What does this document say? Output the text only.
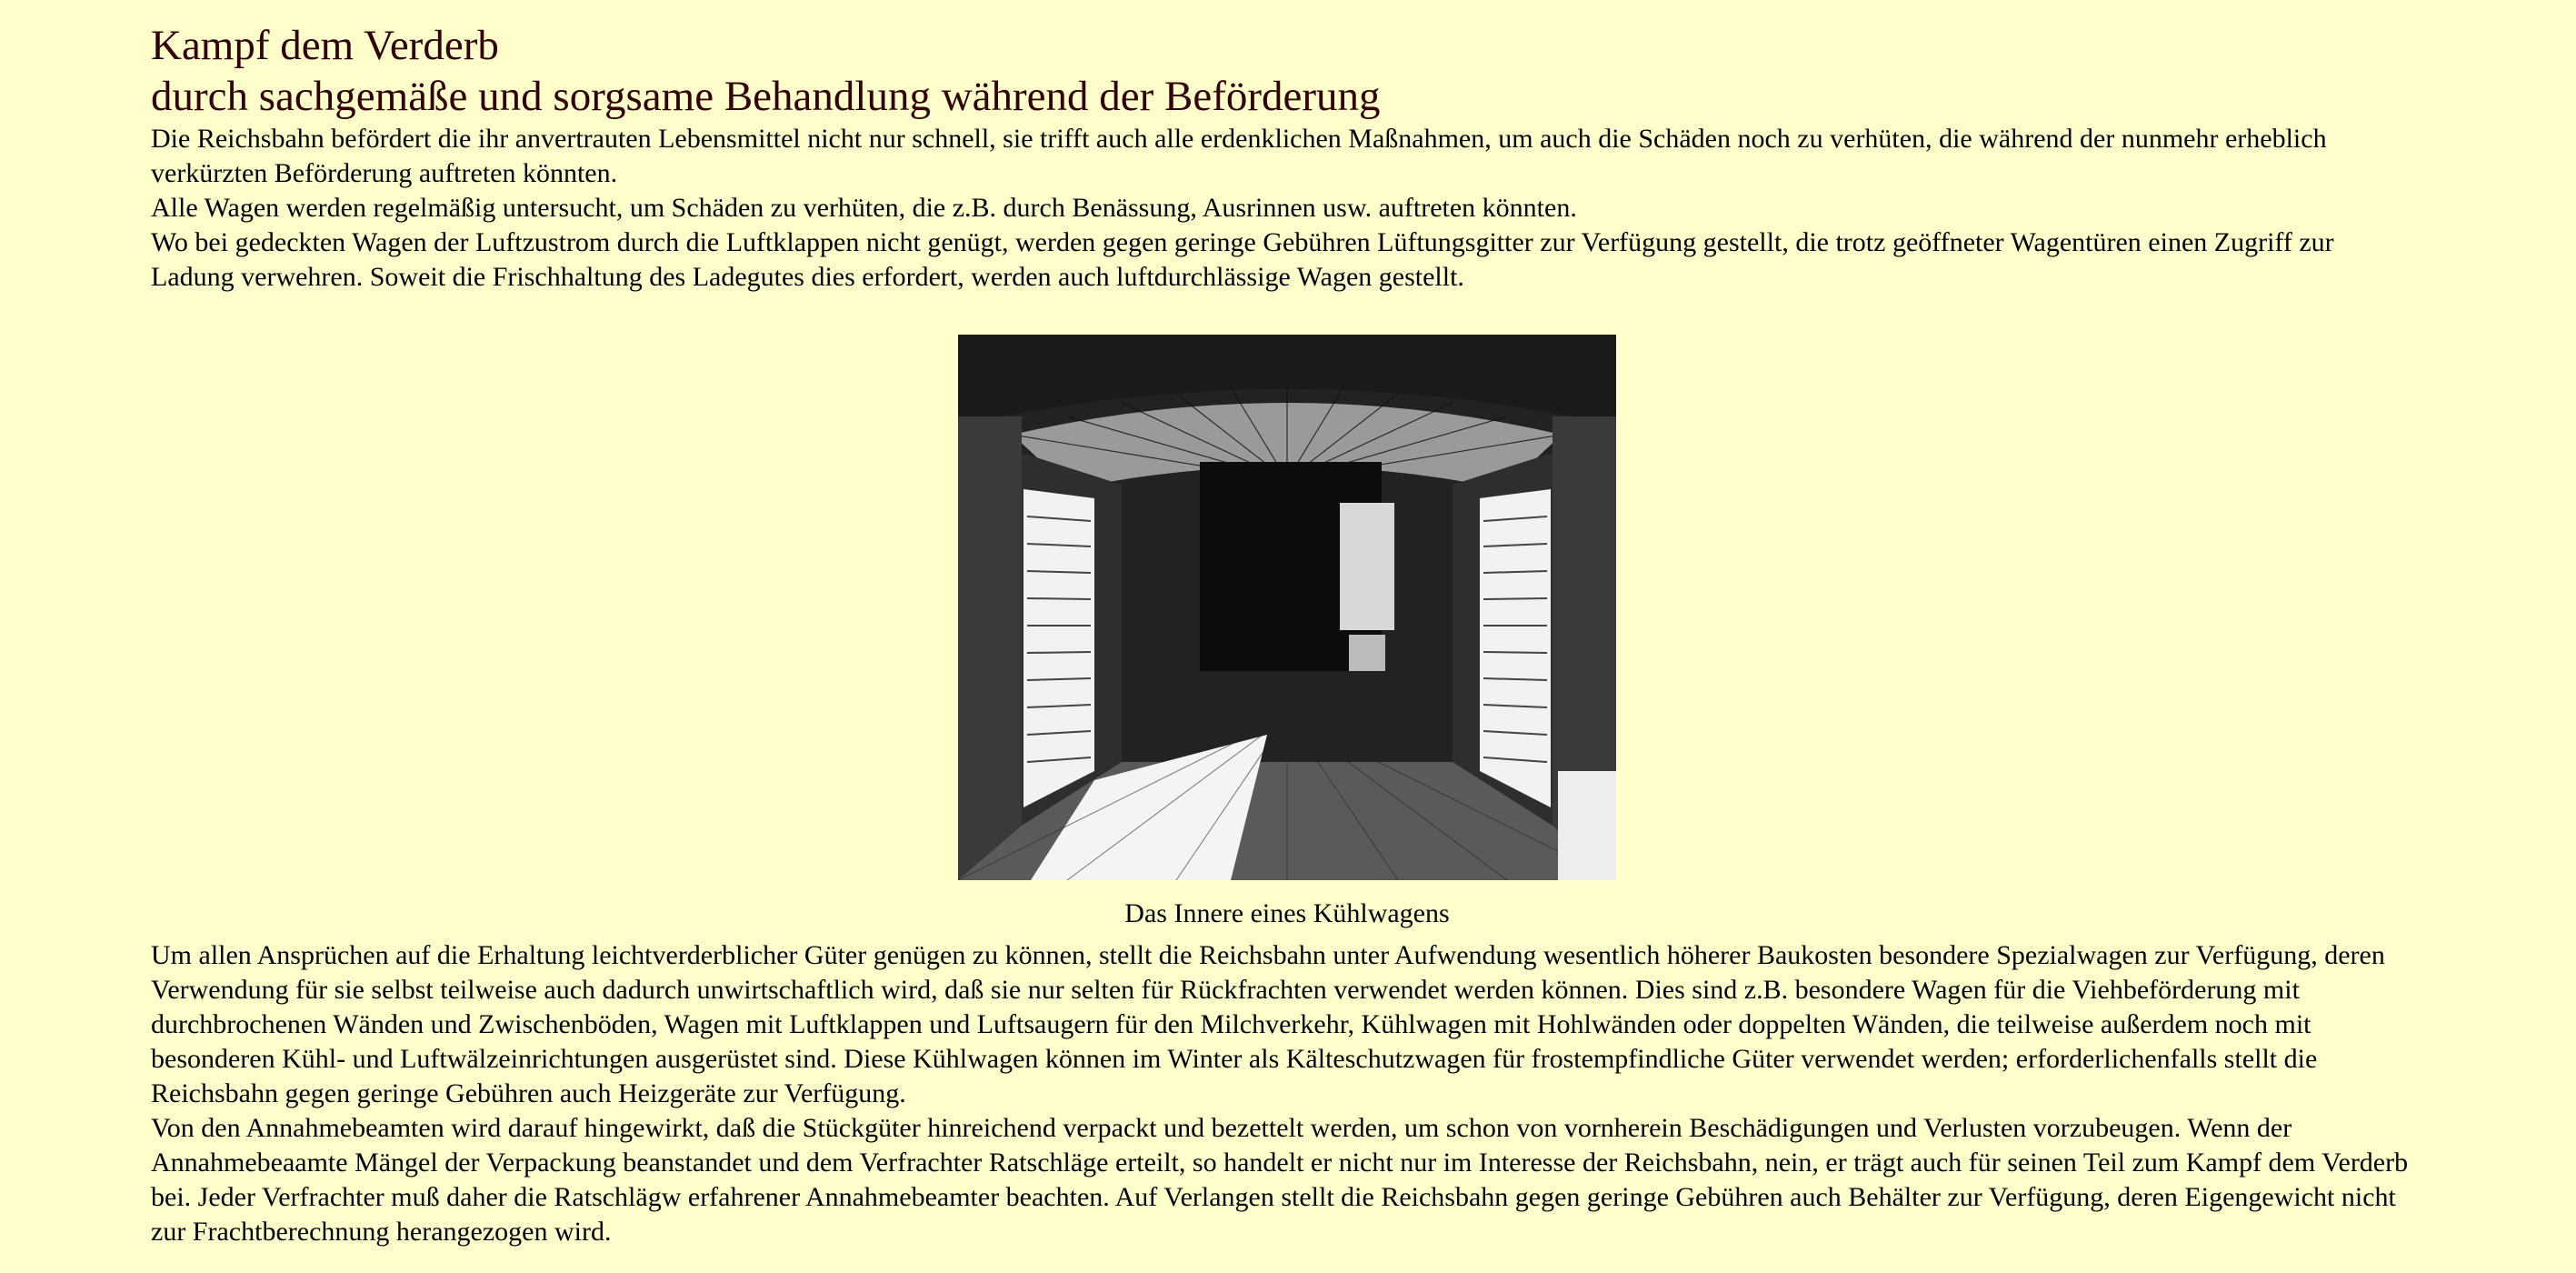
Kampf dem Verderb
durch sachgemäße und sorgsame Behandlung während der Beförderung

Die Reichsbahn befördert die ihr anvertrauten Lebensmittel nicht nur schnell, sie trifft auch alle erdenklichen Maßnahmen, um auch die Schäden noch zu verhüten, die während der nunmehr erheblich verkürzten Beförderung auftreten könnten.

Alle Wagen werden regelmäßig untersucht, um Schäden zu verhüten, die z.B. durch Benässung, Ausrinnen usw. auftreten könnten.

Wo bei gedeckten Wagen der Luftzustrom durch die Luftklappen nicht genügt, werden gegen geringe Gebühren Lüftungsgitter zur Verfügung gestellt, die trotz geöffneter Wagentüren einen Zugriff zur Ladung verwehren. Soweit die Frischhaltung des Ladegutes dies erfordert, werden auch luftdurchlässige Wagen gestellt.

Das Innere eines Kühlwagens

Um allen Ansprüchen auf die Erhaltung leichtverderblicher Güter genügen zu können, stellt die Reichsbahn unter Aufwendung wesentlich höherer Baukosten besondere Spezialwagen zur Verfügung, deren Verwendung für sie selbst teilweise auch dadurch unwirtschaftlich wird, daß sie nur selten für Rückfrachten verwendet werden können. Dies sind z.B. besondere Wagen für die Viehbeförderung mit durchbrochenen Wänden und Zwischenböden, Wagen mit Luftklappen und Luftsaugern für den Milchverkehr, Kühlwagen mit Hohlwänden oder doppelten Wänden, die teilweise außerdem noch mit besonderen Kühl- und Luftwälzeinrichtungen ausgerüstet sind. Diese Kühlwagen können im Winter als Kälteschutzwagen für frostempfindliche Güter verwendet werden; erforderlichenfalls stellt die Reichsbahn gegen geringe Gebühren auch Heizgeräte zur Verfügung.

Von den Annahmebeamten wird darauf hingewirkt, daß die Stückgüter hinreichend verpackt und bezettelt werden, um schon von vornherein Beschädigungen und Verlusten vorzubeugen. Wenn der Annahmebeaamte Mängel der Verpackung beanstandet und dem Verfrachter Ratschläge erteilt, so handelt er nicht nur im Interesse der Reichsbahn, nein, er trägt auch für seinen Teil zum Kampf dem Verderb bei. Jeder Verfrachter muß daher die Ratschlägw erfahrener Annahmebeamter beachten. Auf Verlangen stellt die Reichsbahn gegen geringe Gebühren auch Behälter zur Verfügung, deren Eigengewicht nicht zur Frachtberechnung herangezogen wird.
